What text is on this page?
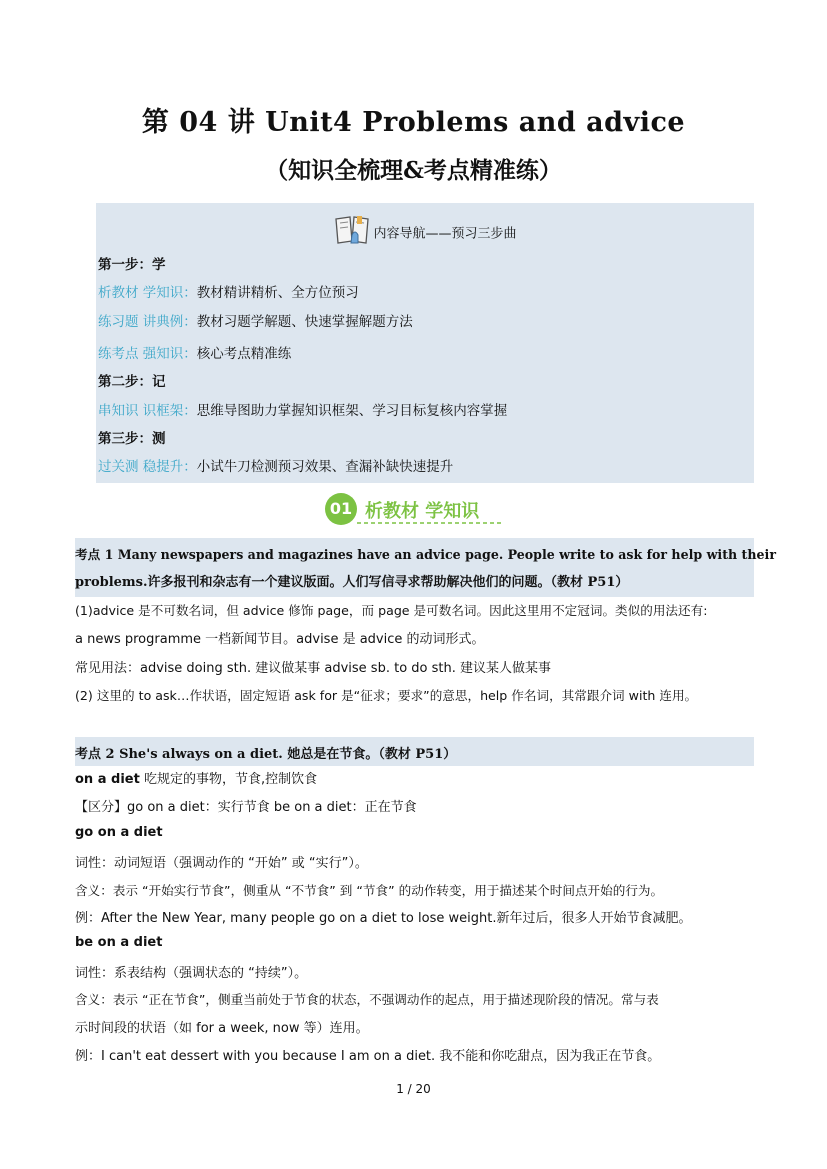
第 04 讲 Unit4 Problems and advice
（知识全梳理&考点精准练）
内容导航——预习三步曲
第一步：学
析教材 学知识：教材精讲精析、全方位预习
练习题 讲典例：教材习题学解题、快速掌握解题方法
练考点 强知识：核心考点精准练
第二步：记
串知识 识框架：思维导图助力掌握知识框架、学习目标复核内容掌握
第三步：测
过关测 稳提升：小试牛刀检测预习效果、查漏补缺快速提升
01 析教材 学知识
考点 1 Many newspapers and magazines have an advice page. People write to ask for help with their
problems.许多报刊和杂志有一个建议版面。人们写信寻求帮助解决他们的问题。（教材 P51）
(1)advice 是不可数名词，但 advice 修饰 page，而 page 是可数名词。因此这里用不定冠词。类似的用法还有:
a news programme 一档新闻节目。advise 是 advice 的动词形式。
常见用法：advise doing sth. 建议做某事 advise sb. to do sth. 建议某人做某事
(2) 这里的 to ask…作状语，固定短语 ask for 是“征求；要求”的意思，help 作名词，其常跟介词 with 连用。
考点 2 She's always on a diet. 她总是在节食。（教材 P51）
on a diet 吃规定的事物，节食,控制饮食
【区分】go on a diet：实行节食 be on a diet：正在节食
go on a diet
词性：动词短语（强调动作的 “开始” 或 “实行”）。
含义：表示 “开始实行节食”，侧重从 “不节食” 到 “节食” 的动作转变，用于描述某个时间点开始的行为。
例：After the New Year, many people go on a diet to lose weight.新年过后，很多人开始节食减肥。
be on a diet
词性：系表结构（强调状态的 “持续”）。
含义：表示 “正在节食”，侧重当前处于节食的状态，不强调动作的起点，用于描述现阶段的情况。常与表
示时间段的状语（如 for a week, now 等）连用。
例：I can't eat dessert with you because I am on a diet. 我不能和你吃甜点，因为我正在节食。
1 / 20
